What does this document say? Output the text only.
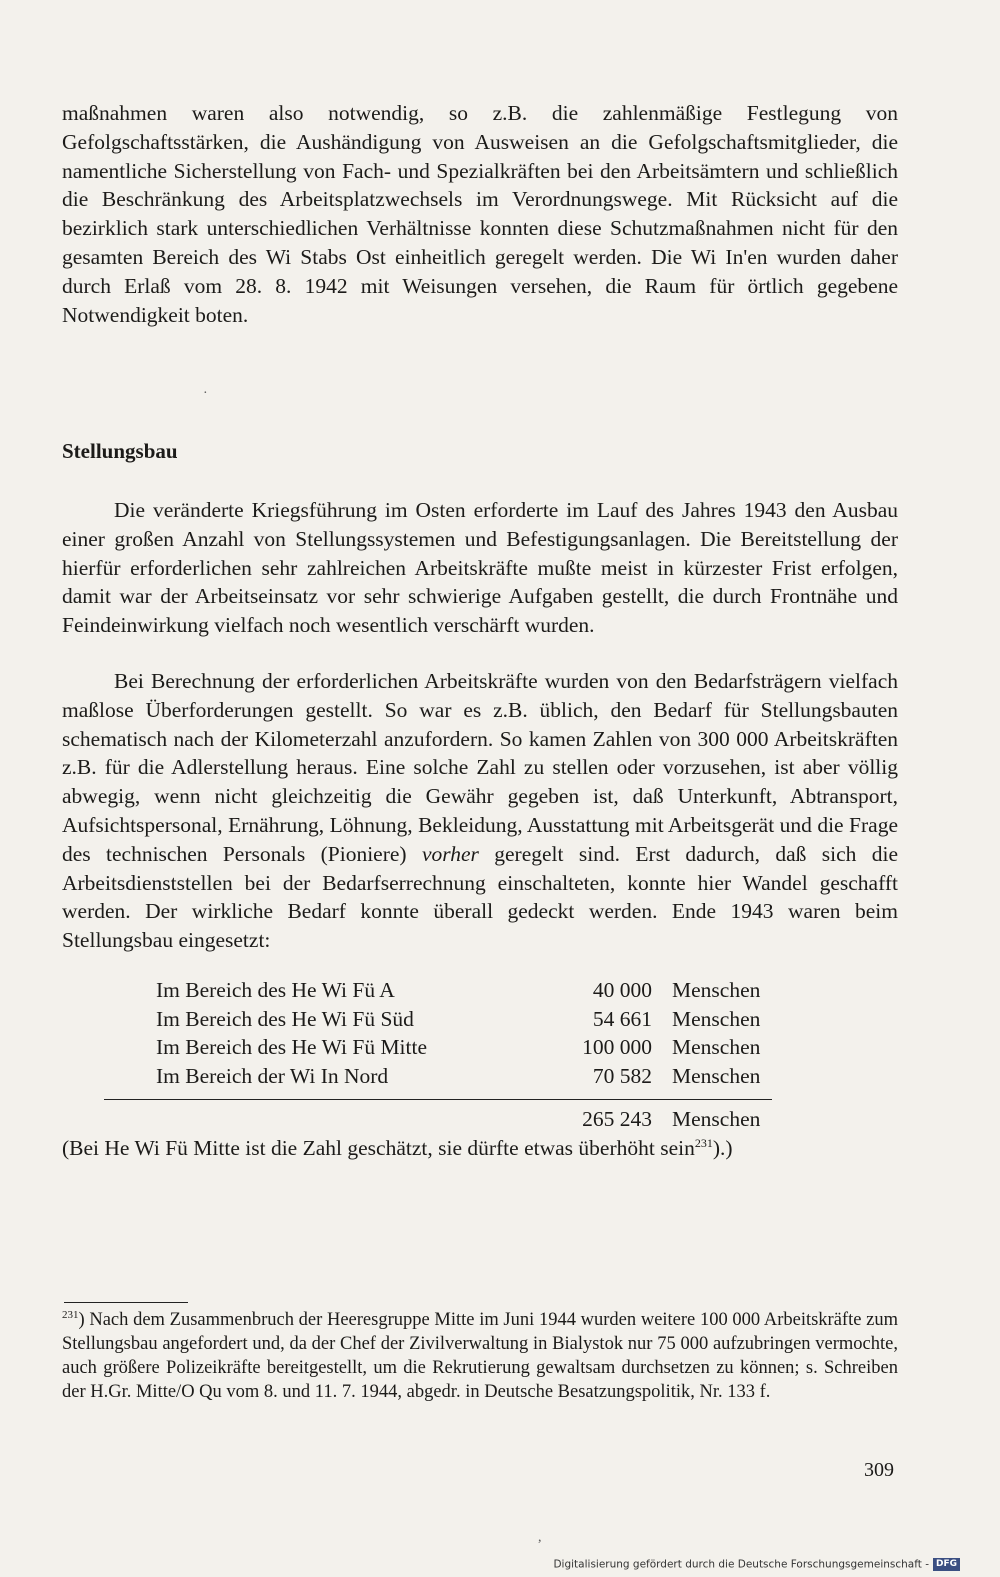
maßnahmen waren also notwendig, so z.B. die zahlenmäßige Festlegung von Gefolgschaftsstärken, die Aushändigung von Ausweisen an die Gefolgschaftsmitglieder, die namentliche Sicherstellung von Fach- und Spezialkräften bei den Arbeitsämtern und schließlich die Beschränkung des Arbeitsplatzwechsels im Verordnungswege. Mit Rücksicht auf die bezirklich stark unterschiedlichen Verhältnisse konnten diese Schutzmaßnahmen nicht für den gesamten Bereich des Wi Stabs Ost einheitlich geregelt werden. Die Wi In'en wurden daher durch Erlaß vom 28. 8. 1942 mit Weisungen versehen, die Raum für örtlich gegebene Notwendigkeit boten.

·
Stellungsbau

Die veränderte Kriegsführung im Osten erforderte im Lauf des Jahres 1943 den Ausbau einer großen Anzahl von Stellungssystemen und Befestigungsanlagen. Die Bereitstellung der hierfür erforderlichen sehr zahlreichen Arbeitskräfte mußte meist in kürzester Frist erfolgen, damit war der Arbeitseinsatz vor sehr schwierige Aufgaben gestellt, die durch Frontnähe und Feindeinwirkung vielfach noch wesentlich verschärft wurden.

Bei Berechnung der erforderlichen Arbeitskräfte wurden von den Bedarfsträgern vielfach maßlose Überforderungen gestellt. So war es z.B. üblich, den Bedarf für Stellungsbauten schematisch nach der Kilometerzahl anzufordern. So kamen Zahlen von 300 000 Arbeitskräften z.B. für die Adlerstellung heraus. Eine solche Zahl zu stellen oder vorzusehen, ist aber völlig abwegig, wenn nicht gleichzeitig die Gewähr gegeben ist, daß Unterkunft, Abtransport, Aufsichtspersonal, Ernährung, Löhnung, Bekleidung, Ausstattung mit Arbeitsgerät und die Frage des technischen Personals (Pioniere) vorher geregelt sind. Erst dadurch, daß sich die Arbeitsdienststellen bei der Bedarfserrechnung einschalteten, konnte hier Wandel geschafft werden. Der wirkliche Bedarf konnte überall gedeckt werden. Ende 1943 waren beim Stellungsbau eingesetzt:

Im Bereich des He Wi Fü A	40 000 Menschen
Im Bereich des He Wi Fü Süd	54 661 Menschen
Im Bereich des He Wi Fü Mitte	100 000 Menschen
Im Bereich der Wi In Nord	70 582 Menschen
265 243 Menschen
(Bei He Wi Fü Mitte ist die Zahl geschätzt, sie dürfte etwas überhöht sein$^{231}$).)

$^{231}$) Nach dem Zusammenbruch der Heeresgruppe Mitte im Juni 1944 wurden weitere 100 000 Arbeitskräfte zum Stellungsbau angefordert und, da der Chef der Zivilverwaltung in Bialystok nur 75 000 aufzubringen vermochte, auch größere Polizeikräfte bereitgestellt, um die Rekrutierung gewaltsam durchsetzen zu können; s. Schreiben der H.Gr. Mitte/O Qu vom 8. und 11. 7. 1944, abgedr. in Deutsche Besatzungspolitik, Nr. 133 f.

309
,
Digitalisierung gefördert durch die Deutsche Forschungsgemeinschaft - DFG
